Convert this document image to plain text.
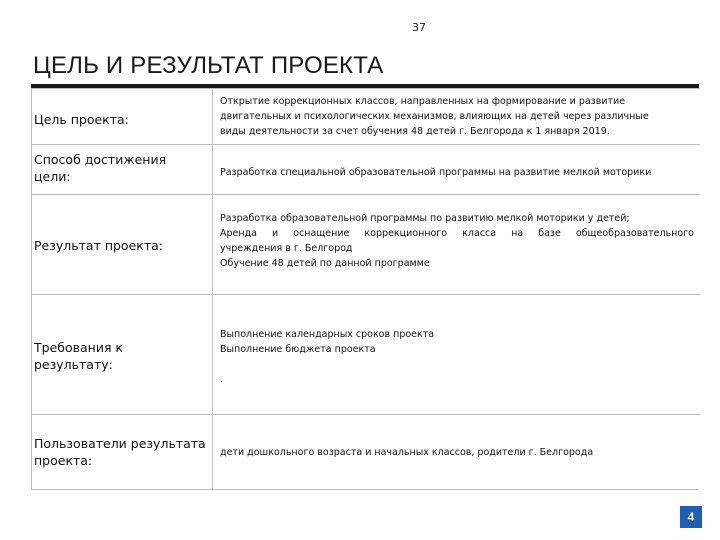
37
ЦЕЛЬ И РЕЗУЛЬТАТ ПРОЕКТА
Цель проекта:

Открытие коррекционных классов, направленных на формирование и развитие

двигательных и психологических механизмов, влияющих на детей через различные

виды деятельности за счет обучения 48 детей г. Белгорода к 1 января 2019.

Способ достижения цели:	Разработка специальной образовательной программы на развитие мелкой моторики

Результат проекта:

Разработка образовательной программы по развитию мелкой моторики у детей;

Аренда и оснащение коррекционного класса на базе общеобразовательного

учреждения в г. Белгород

Обучение 48 детей по данной программе

Требования к результату:

Выполнение календарных сроков проекта

Выполнение бюджета проекта

.

Пользователи результата проекта:

дети дошкольного возраста и начальных классов, родители г. Белгорода

4
